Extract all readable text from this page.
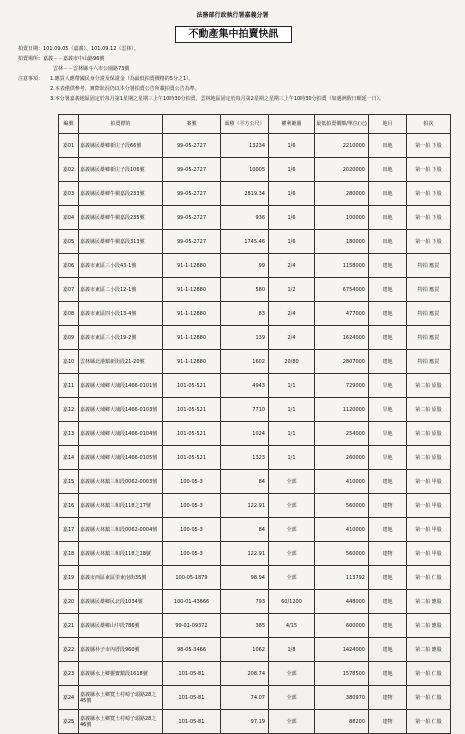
法務部行政執行署嘉義分署
不動產集中拍賣快訊
拍賣日期：101.09.05（嘉義）、101.09.12（雲林）。
拍賣場所：嘉義－－嘉義市中山路96號
雲林－－雲林縣斗六市公園路73號
注意事項： 1.應買人應帶國民身分證及保證金（為最低拍賣價格的5分之1）。
2.本表僅供參考，實際狀況仍以本分署拍賣公告所載拍賣公告為準。
3.本分署嘉義地區固定於每月第1星期之星期三上午10時30分拍賣，雲林地區固定於每月第2星期之星期三上午10時30分拍賣（如遇例假日順延一日）。
編號	拍賣標的	案號	面積（平方公尺）	權利範圍	最低拍賣價額/單位(元)	地目	拍次
嘉01	嘉義縣民雄鄉新庄子段66號	99-05-2727	13234	1/6	2210000	田地	第一拍 下股
嘉02	嘉義縣民雄鄉新庄子段106號	99-05-2727	10005	1/6	2020000	田地	第一拍 下股
嘉03	嘉義縣民雄鄉牛稠嘉段233號	99-05-2727	2819.34	1/6	280000	田地	第一拍 下股
嘉04	嘉義縣民雄鄉牛稠嘉段235號	99-05-2727	936	1/6	100000	田地	第一拍 下股
嘉05	嘉義縣民雄鄉牛稠嘉段313號	99-05-2727	1745.46	1/6	180000	田地	第一拍 下股
嘉06	嘉義市東區三小段43-1號	91-1-12880	99	2/4	1158000	建地	特拍 應買
嘉07	嘉義市東區二小段12-1號	91-1-12880	580	1/2	6754000	建地	特拍 應買
嘉08	嘉義市東區四小段13-4號	91-1-12880	83	2/4	477000	建地	特拍 應買
嘉09	嘉義市東區三小段19-2號	91-1-12880	139	2/4	1624000	建地	特拍 應買
嘉10	雲林縣北港鎮新街段21-20號	91-1-12880	1602	20/80	2807000	建地	特拍 應買
嘉11	嘉義縣大埔鄉大埔段1466-0101號	101-05-521	4943	1/1	729000	旱地	第二拍 原股
嘉12	嘉義縣大埔鄉大埔段1466-0103號	101-05-521	7710	1/1	1120000	旱地	第二拍 原股
嘉13	嘉義縣大埔鄉大埔段1466-0104號	101-05-521	1024	1/1	254000	旱地	第二拍 原股
嘉14	嘉義縣大埔鄉大埔段1466-0105號	101-05-521	1323	1/1	260000	旱地	第二拍 原股
嘉15	嘉義縣大林鎮三和段0062-0003號	100-05-3	84	全部	410000	建地	第一拍 甲股
嘉16	嘉義縣大林鎮三和段118之17號	100-05-3	122.91	全部	560000	建物	第一拍 甲股
嘉17	嘉義縣大林鎮三和段0062-0004號	100-05-3	84	全部	410000	建地	第一拍 甲股
嘉18	嘉義縣大林鎮三和段118之18號	100-05-3	122.91	全部	560000	建物	第一拍 甲股
嘉19	嘉義市西區東區里東南街35號	100-05-1879	98.94	全部	113792	建地	第一拍 仁股
嘉20	嘉義縣民雄鄉民北段1034號	100-01-43666	793	60/1200	448000	建地	第二拍 應股
嘉21	嘉義縣民雄鄉山中段786號	99-01-09372	385	4/15	600000	建地	第二拍 應股
嘉22	嘉義縣朴子市內厝段960號	98-05-3466	1062	1/8	1424000	建地	第二拍 應股
嘉23	嘉義縣水上鄉靈寶鎮段1618號	101-05-81	208.74	全部	1578500	建地	第一拍 仁股
嘉24	嘉義縣水上鄉寬土村崎子頭路28之45號	101-05-81	74.07	全部	380970	建物	第一拍 仁股
嘉25	嘉義縣水上鄉寬土村崎子頭路28之46號	101-05-81	97.19	全部	88200	建物	第一拍 仁股
